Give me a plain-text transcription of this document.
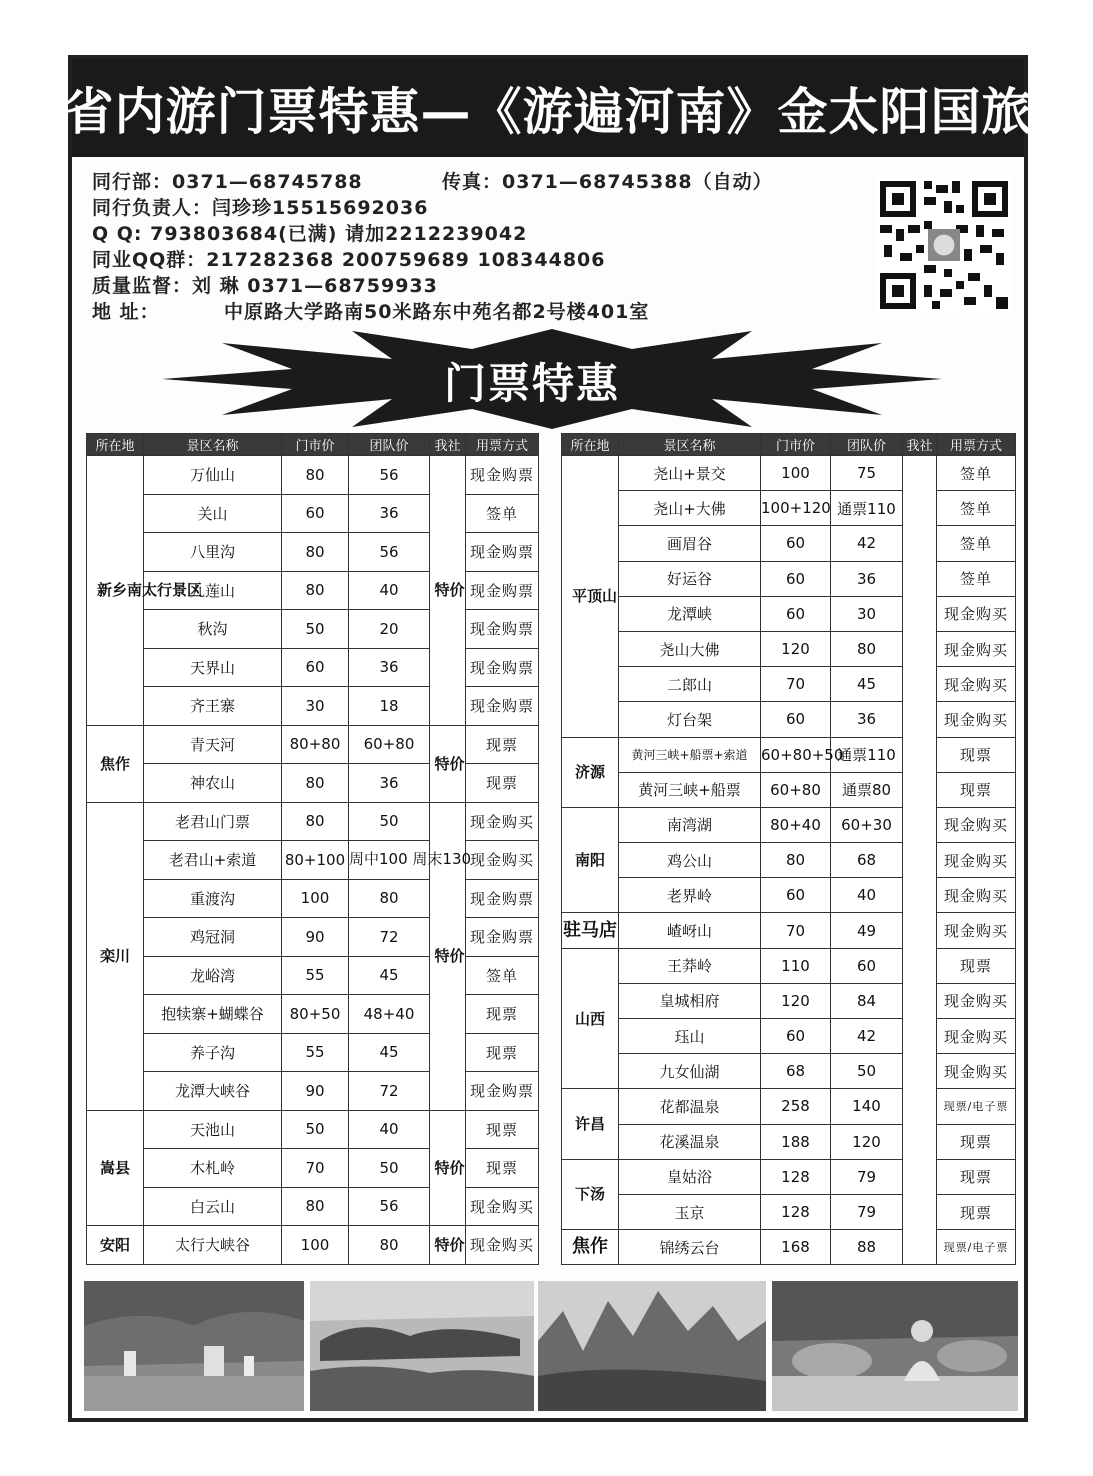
省内游门票特惠—《游遍河南》金太阳国旅
同行部：0371—68745788	传真：0371—68745388（自动）
同行负责人：闫珍珍15515692036
Q Q: 793803684(已满) 请加2212239042
同业QQ群：217282368 200759689 108344806
质量监督：刘 琳 0371—68759933
地 址：	中原路大学路南50米路东中苑名都2号楼401室
门票特惠
所在地	景区名称	门市价	团队价	我社	用票方式

新乡南太行景区	万仙山	80	56	特价	现金购票
	关山	60	36		签单
	八里沟	80	56		现金购票
	九莲山	80	40		现金购票
	秋沟	50	20		现金购票
	天界山	60	36		现金购票
	齐王寨	30	18		现金购票

焦作	青天河	80+80	60+80	特价	现票
	神农山	80	36		现票

栾川	老君山门票	80	50	特价	现金购买
	老君山+索道	80+100	周中100 周末130		现金购买
	重渡沟	100	80		现金购票
	鸡冠洞	90	72		现金购票
	龙峪湾	55	45		签单
	抱犊寨+蝴蝶谷	80+50	48+40		现票
	养子沟	55	45		现票
	龙潭大峡谷	90	72		现金购票

嵩县	天池山	50	40	特价	现票
	木札岭	70	50		现票
	白云山	80	56		现金购买

安阳	太行大峡谷	100	80	特价	现金购买
所在地	景区名称	门市价	团队价	我社	用票方式

平顶山	尧山+景交	100	75		签单
	尧山+大佛	100+120	通票110		签单
	画眉谷	60	42		签单
	好运谷	60	36		签单
	龙潭峡	60	30		现金购买
	尧山大佛	120	80		现金购买
	二郎山	70	45		现金购买
	灯台架	60	36		现金购买

济源	黄河三峡+船票+索道	60+80+50	通票110		现票
	黄河三峡+船票	60+80	通票80		现票

南阳	南湾湖	80+40	60+30		现金购买
	鸡公山	80	68		现金购买
	老界岭	60	40		现金购买

驻马店	嵖岈山	70	49		现金购买

山西	王莽岭	110	60		现票
	皇城相府	120	84		现金购买
	珏山	60	42		现金购买
	九女仙湖	68	50		现金购买

许昌	花都温泉	258	140		现票/电子票
	花溪温泉	188	120		现票

下汤	皇姑浴	128	79		现票
	玉京	128	79		现票

焦作	锦绣云台	168	88		现票/电子票
